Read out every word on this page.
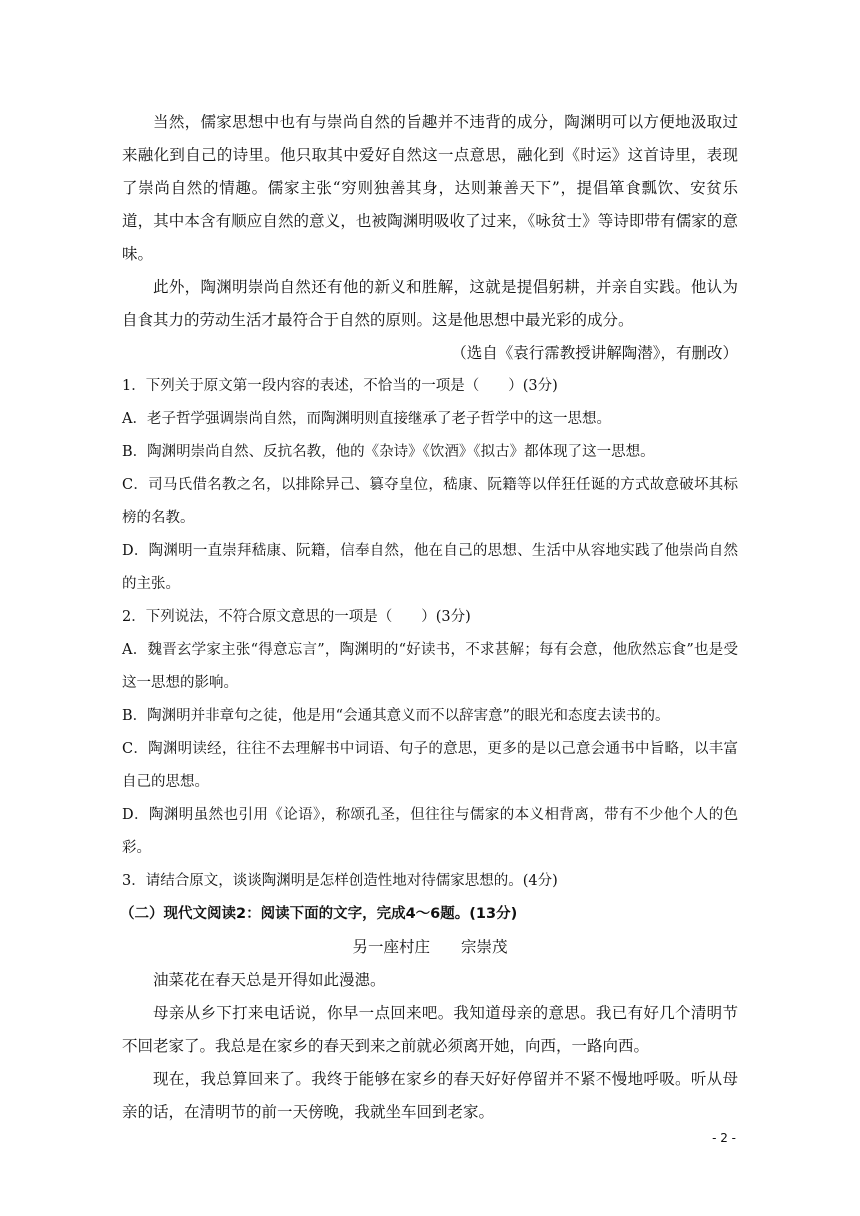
当然，儒家思想中也有与崇尚自然的旨趣并不违背的成分，陶渊明可以方便地汲取过来融化到自己的诗里。他只取其中爱好自然这一点意思，融化到《时运》这首诗里，表现了崇尚自然的情趣。儒家主张“穷则独善其身，达则兼善天下”，提倡箪食瓢饮、安贫乐道，其中本含有顺应自然的意义，也被陶渊明吸收了过来，《咏贫士》等诗即带有儒家的意味。

此外，陶渊明崇尚自然还有他的新义和胜解，这就是提倡躬耕，并亲自实践。他认为自食其力的劳动生活才最符合于自然的原则。这是他思想中最光彩的成分。

（选自《袁行霈教授讲解陶潜》，有删改）

1．下列关于原文第一段内容的表述，不恰当的一项是（　　）(3分)

A．老子哲学强调崇尚自然，而陶渊明则直接继承了老子哲学中的这一思想。

B．陶渊明崇尚自然、反抗名教，他的《杂诗》《饮酒》《拟古》都体现了这一思想。

C．司马氏借名教之名，以排除异己、篡夺皇位，嵇康、阮籍等以佯狂任诞的方式故意破坏其标榜的名教。

D．陶渊明一直崇拜嵇康、阮籍，信奉自然，他在自己的思想、生活中从容地实践了他崇尚自然的主张。

2．下列说法，不符合原文意思的一项是（　　）(3分)

A．魏晋玄学家主张“得意忘言”，陶渊明的“好读书，不求甚解；每有会意，他欣然忘食”也是受这一思想的影响。

B．陶渊明并非章句之徒，他是用“会通其意义而不以辞害意”的眼光和态度去读书的。

C．陶渊明读经，往往不去理解书中词语、句子的意思，更多的是以己意会通书中旨略，以丰富自己的思想。

D．陶渊明虽然也引用《论语》，称颂孔圣，但往往与儒家的本义相背离，带有不少他个人的色彩。

3．请结合原文，谈谈陶渊明是怎样创造性地对待儒家思想的。(4分)

（二）现代文阅读2：阅读下面的文字，完成4～6题。(13分)

另一座村庄　　宗崇茂

油菜花在春天总是开得如此漫漶。

母亲从乡下打来电话说，你早一点回来吧。我知道母亲的意思。我已有好几个清明节不回老家了。我总是在家乡的春天到来之前就必须离开她，向西，一路向西。

现在，我总算回来了。我终于能够在家乡的春天好好停留并不紧不慢地呼吸。听从母亲的话，在清明节的前一天傍晚，我就坐车回到老家。

- 2 -
